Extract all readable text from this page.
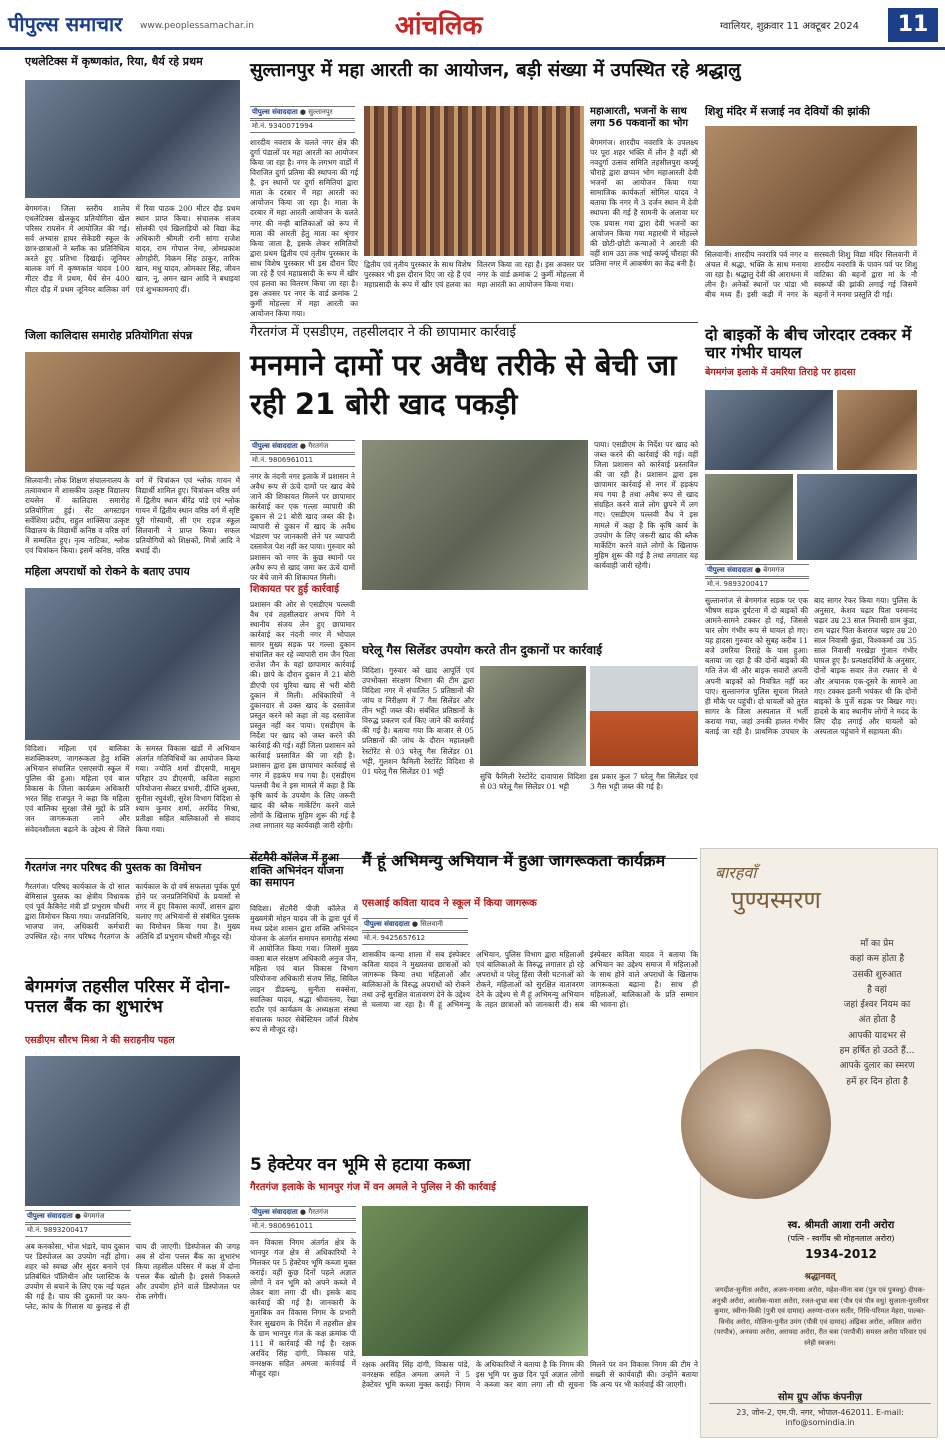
पीपुल्स समाचार www.peoplessamachar.in	आंचलिक	ग्वालियर, शुक्रवार 11 अक्टूबर 2024	11
एथलेटिक्स में कृष्णकांत, रिया, धैर्य रहे प्रथम
बेगमगंज। जिला स्तरीय शालेय एथलेटिक्स खेलकूद प्रतियोगिता खेल परिसर रायसेन में आयोजित की गई। सर्व अभ्यास हायर सेकेंडरी स्कूल के छात्र-छात्राओं ने ब्लॉक का प्रतिनिधित्व करते हुए प्रतिभा दिखाई। जूनियर बालक वर्ग में कृष्णकांत यादव 100 मीटर दौड़ में प्रथम, धैर्य सेन 400 मीटर दौड़ में प्रथम जूनियर बालिका वर्ग में रिया पाठक 200 मीटर दौड़ प्रथम स्थान प्राप्त किया। संचालक संजय सोलंकी एवं खिलाड़ियों को विद्या केंद्र अधिकारी श्रीमती रानी सांगा राजेश यादव, राम गोपाल नेमा, ओमप्रकाश ओगहोरी, विक्रम सिंह ठाकुर, तारिक खान, मधु यादव, ओमकार सिंह, जीवन खान, नू, अमन खान आदि ने बधाइयां एवं शुभकामनाएं दीं।
सुल्तानपुर में महा आरती का आयोजन, बड़ी संख्या में उपस्थित रहे श्रद्धालु
पीपुल्स संवाददाता ● सुल्तानपुर
मो.नं. 9340071994
शारदीय नवरात्र के चलते नगर क्षेत्र की दुर्गा पंडालों पर महा आरती का आयोजन किया जा रहा है। नगर के लगभग वार्डों में विराजित दुर्गा प्रतिमा की स्थापना की गई है, इन स्थानों पर दुर्गा समितियां द्वारा माता के दरबार में महा आरती का आयोजन किया जा रहा है। माता के दरबार में महा आरती आयोजन के चलते नगर की नन्ही बालिकाओं को रूप में माता की आरती हेतु माता का श्रृंगार किया जाता है, इसके लेकर समितियों द्वारा प्रथम द्वितीय एवं तृतीय पुरस्कार के साथ विशेष पुरस्कार भी इस दौरान दिए जा रहे हैं एवं महाप्रसादी के रूप में खीर एवं हलवा का वितरण किया जा रहा है। इस अवसर पर नगर के वार्ड क्रमांक 2 कुर्मी मोहल्ला में महा आरती का आयोजन किया गया।
द्वितीय एवं तृतीय पुरस्कार के साथ विशेष पुरस्कार भी इस दौरान दिए जा रहे हैं एवं महाप्रसादी के रूप में खीर एवं हलवा का वितरण किया जा रहा है। इस अवसर पर नगर के वार्ड क्रमांक 2 कुर्मी मोहल्ला में महा आरती का आयोजन किया गया।
महाआरती, भजनों के साथ लगा 56 पकवानों का भोग
बेगमगंज। शारदीय नवरात्रि के उपलक्ष्य पर पूरा शहर भक्ति में लीन है वहीं श्री नवदुर्गा उत्सव समिति तहसीलपुरा कर्फ्यू चौराहे द्वारा छप्पन भोग महाआरती देवी भजनों का आयोजन किया गया सामाजिक कार्यकर्ता सोमिल यादव ने बताया कि नगर में 3 दर्जन स्थान में देवी स्थापना की गई है सामनी के अलावा घर एक प्रयास गया द्वारा देवी भजनों का आयोजन किया गया महारथी में मोहल्ले की छोटी-छोटी कन्याओं ने आरती की वहीं शाम उठा तक भाई कर्फ्यू चौराहा की प्रतिमा नगर में आकर्षण का केंद्र बनी है।
शिशु मंदिर में सजाई नव देवियों की झांकी
सिलवानी। शारदीय नवरात्रि पर्व नगर व अंचल में श्रद्धा, भक्ति के साथ मनाया जा रहा है। श्रद्धालु देवी की आराधना में लीन है। अनेकों स्थानों पर पांडा भी बीच मध्य हैं। इसी कड़ी में नगर के सरस्वती शिशु विद्या मंदिर सिलवानी में शारदीय नवरात्रि के पावन पर्व पर शिशु वाटिका की बहनों द्वारा मां के नौ स्वरूपों की झांकी लगाई गई जिसमें बहनों ने मनमा प्रस्तुति दी गई।
जिला कालिदास समारोह प्रतियोगिता संपन्न
सिलवानी। लोक शिक्षण संचालनालय के तत्वावधान में शासकीय उत्कृष्ट विद्यालय रायसेन में कालिदास समारोह प्रतियोगिता हुई। सेंट अगस्टाइन सर्वेशिया प्रदीप, राहुल शाक्सिया उत्कृष्ट विद्यालय के विद्यार्थी कनिष्ठ व वरिष्ठ वर्ग में सम्मलित हुए। नृत्य नाटिका, श्लोक एवं चित्रांकन किया। इसमें कनिष्ठ, वरिष्ठ वर्ग में चित्रांकन एवं श्लोक गायन में विद्यार्थी शामिल हुए। चित्रांकन वरिष्ठ वर्ग में द्वितीय स्थान बीरेंद्र पांडे एवं श्लोक गायन में द्वितीय स्थान वरिष्ठ वर्ग में सृष्टि पूरी गोस्वामी, सी एम राइज स्कूल सिलवानी ने प्राप्त किया। सफल प्रतियोगियों को शिक्षकों, मित्रों आदि ने बधाई दी।
गैरतगंज में एसडीएम, तहसीलदार ने की छापामार कार्रवाई
मनमाने दामों पर अवैध तरीके से बेची जा रही 21 बोरी खाद पकड़ी
पीपुल्स संवाददाता ● गैरतगंज
मो.नं. 9806961011
नगर के नंदनी नगर इलाके में प्रशासन ने अवैध रूप से ऊंचे दामों पर खाद बेचे जाने की शिकायत मिलने पर छापामार कार्रवाई कर एक गल्ला व्यापारी की दुकान से 21 बोरी खाद जब्त की है। व्यापारी से दुकान में खाद के अवैध भंडारण पर जानकारी लेने पर व्यापारी दस्तावेज पेश नहीं कर पाया। गुरुवार को प्रशासन को नगर के कुछ स्थानों पर अवैध रूप से खाद जमा कर ऊंचे दामों पर बेचे जाने की शिकायत मिली।
शिकायत पर हुई कार्रवाई
प्रशासन की ओर से एसडीएम पल्लवी वैध एवं तहसीलदार अभय पिंगे ने स्थानीय संजय लेन हुए छापामार कार्रवाई कर नंदनी नगर में भोपाल सागर मुख्य सड़क पर गल्ला दुकान संचालित कर रहे व्यापारी राम जैन पिता राजेश जैन के यहां छापामार कार्रवाई की। छापे के दौरान दुकान में 21 बोरी डीएपी एवं यूरिया खाद से भरी बोरी दुकान में मिली। अधिकारियों ने दुकानदार से उक्त खाद के दस्तावेज प्रस्तुत करने को कहा तो वह दस्तावेज प्रस्तुत नहीं कर पाया। एसडीएम के निर्देश पर खाद को जब्त करने की कार्रवाई की गई। वहीं जिला प्रशासन को कार्रवाई प्रस्तावित की जा रही है। प्रशासन द्वारा इस छापामार कार्रवाई से नगर में हड़कंप मच गया है। एसडीएम पल्लवी वैध ने इस मामले में कहा है कि कृषि कार्य के उपयोग के लिए जरूरी खाद की ब्लैक मार्केटिंग करने वाले लोगों के खिलाफ मुहिम शुरू की गई है तथा लगातार यह कार्यवाही जारी रहेगी।
पाया। एसडीएम के निर्देश पर खाद को जब्त करने की कार्रवाई की गई। वहीं जिला प्रशासन को कार्रवाई प्रस्तावित की जा रही है। प्रशासन द्वारा इस छापामार कार्रवाई से नगर में हड़कंप मच गया है तथा अवैध रूप से खाद संग्रहित करने वाले लोग छुपने में लग गए। एसडीएम पल्लवी वैध ने इस मामले में कहा है कि कृषि कार्य के उपयोग के लिए जरूरी खाद की ब्लैक मार्केटिंग करने वाले लोगों के खिलाफ मुहिम शुरू की गई है तथा लगातार यह कार्यवाही जारी रहेगी।
दो बाइकों के बीच जोरदार टक्कर में चार गंभीर घायल
बेगमगंज इलाके में उमरिया तिराहे पर हादसा
पीपुल्स संवाददाता ● बेगमगंज
मो.नं. 9893200417
सुल्तानगंज से बेगमगंज सड़क पर एक भीषण सड़क दुर्घटना में दो बाइकों की आमने-सामने टक्कर हो गई, जिससे चार लोग गंभीर रूप से घायल हो गए। यह हादसा गुरुवार को सुबह करीब 11 बजे उमरिया तिराहे के पास हुआ। बताया जा रहा है की दोनों बाइकों की गति तेज थी और बाइक सवारों अपनी अपनी बाइकों को नियंत्रित नहीं कर पाए। सुल्तानगंज पुलिस सूचना मिलते ही मौके पर पहुंची। दो घायलों को तुरंत सागर के जिला अस्पताल में भर्ती कराया गया, जहां उनकी हालत गंभीर बताई जा रही है। प्राथमिक उपचार के बाद सागर रेफर किया गया। पुलिस के अनुसार, केशव चढ़ार पिता परमानंद चढ़ार उम्र 23 साल निवासी ग्राम कुंडा, राम चढ़ार पिता केशराज चढ़ार उम्र 20 साल निवासी कुंडा, विश्वकर्मा उम्र 35 साल निवासी मरखेड़ा गुंजान गंभीर घायल हुए हैं। प्रत्यक्षदर्शियों के अनुसार, दोनों बाइक सवार तेज रफ्तार से थे और अचानक एक-दूसरे के सामने आ गए। टक्कर इतनी भयंकर थी कि दोनों बाइकों के पुर्जे सड़क पर बिखर गए। हादसे के बाद स्थानीय लोगों ने मदद के लिए दौड़ लगाई और घायलों को अस्पताल पहुंचाने में सहायता की।
महिला अपराधों को रोकने के बताए उपाय
विदिशा। महिला एवं बालिका सशक्तिकरण, जागरूकता हेतु शक्ति अभियान संचालित एसएसपी स्कूल में पुलिस की हुआ। महिला एवं बाल विकास के जिला कार्यक्रम अधिकारी भरत सिंह राजपूत ने कहा कि महिला एवं बालिका सुरक्षा जैसे मुद्दों के प्रति जन जागरूकता लाने और संवेदनशीलता बढ़ाने के उद्देश्य से जिले के समस्त विकास खंडों में अभियान अंतर्गत गतिविधियों का आयोजन किया गया। ज्योति शर्मा डीएसपी, मासूम परिहार उप डीएसपी, कविता सहारा परियोजना सेक्टर प्रभारी, दीप्ति शुक्ला, सुनीता रघुवंशी, सुरेश विभाग विदिशा से श्याम कुमार शर्मा, अरविंद मिश्रा, प्रतीक्षा सहित बालिकाओं से संवाद किया गया।
घरेलू गैस सिलेंडर उपयोग करते तीन दुकानों पर कार्रवाई
विदिशा। गुरुवार को खाद आपूर्ति एवं उपभोक्ता संरक्षण विभाग की टीम द्वारा विदिशा नगर में संचालित 5 प्रतिष्ठानों की जांच व निरीक्षण में 7 गैस सिलेंडर और तीन भट्टी जब्त की। संबंधित प्रतिष्ठानों के विरुद्ध प्रकरण दर्ज किए जाने की कार्रवाई की गई है। बताया गया कि बाजार से 05 प्रतिष्ठानों की जांच के दौरान महालक्ष्मी रेस्टोरेंट से 03 घरेलू गैस सिलेंडर 01 भट्टी, गुलशन फैमिली रेस्टोरेंट विदिशा से 01 घरेलू गैस सिलेंडर 01 भट्टी
सुचि फैमिली रेस्टोरेंट दावापास विदिशा से 03 घरेलू गैस सिलेंडर 01 भट्टी
इस प्रकार कुल 7 घरेलू गैस सिलेंडर एवं 3 गैस भट्टी जब्त की गई है।
गैरतगंज नगर परिषद की पुस्तक का विमोचन
गैरतगंज। परिषद कार्यकाल के दो साल बेमिसाल पुस्तक का क्षेत्रीय विधायक एवं पूर्व कैबिनेट मंत्री डॉ प्रभुराम चौधरी द्वारा विमोचन किया गया। जनप्रतिनिधि, भाजपा जन, अधिकारी कर्मचारी उपस्थित रहे। नगर परिषद गैरतगंज के कार्यकाल के दो वर्ष सफलता पूर्वक पूर्ण होने पर जनप्रतिनिधियों के प्रयासों से नगर में हुए विकास कार्यों, शासन द्वारा चलाए गए अभियानों से संबंधित पुस्तक का विमोचन किया गया है। मुख्य अतिथि डॉ प्रभुराम चौधरी मौजूद रहे।
सेंटमैरी कॉलेज में हुआ शक्ति अभिनंदन योजना का समापन
विदिशा। सेंटमैरी पीजी कॉलेज में मुख्यमंत्री मोहन यादव जी के द्वारा पूर्व में मध्य प्रदेश शासन द्वारा शक्ति अभिनंदन योजना के अंतर्गत समापन समारोह संस्था में आयोजित किया गया। जिसमें मुख्य वक्ता बाल संरक्षण अधिकारी अनुज जैन, महिला एवं बाल विकास विभाग परियोजना अधिकारी संजय सिंह, सिविल लाइन डीडब्ल्यू, सुनीता सक्सेना, स्वातिका यादव, श्रद्धा श्रीवास्तव, रेखा राठौर एवं कार्यक्रम के अध्यक्षता संस्था संचालक फादर सेबेस्टियन जॉर्ज विशेष रूप से मौजूद रहे।
मैं हूं अभिमन्यु अभियान में हुआ जागरूकता कार्यक्रम
एसआई कविता यादव ने स्कूल में किया जागरूक
पीपुल्स संवाददाता ● सिलवानी
मो.नं. 9425657612
शासकीय कन्या शाला में सब इंस्पेक्टर कविता यादव ने मुख्यतया छात्राओं को जागरूक किया तथा महिलाओं और बालिकाओं के विरुद्ध अपराधों को रोकने तथा उन्हें सुरक्षित वातावरण देने के उद्देश्य से चलाया जा रहा है। मैं हूं अभिमन्यु अभियान, पुलिस विभाग द्वारा महिलाओं एवं बालिकाओं के विरुद्ध लगातार हो रहे अपराधों व परेलू हिंसा जैसी घटनाओं को रोकने, महिलाओं को सुरक्षित वातावरण देने के उद्देश्य से मैं हूं अभिमन्यु अभियान के तहत छात्राओं को जानकारी दी। सब इंस्पेक्टर कविता यादव ने बताया कि अभियान का उद्देश्य समाज में महिलाओं के साथ होने वाले अपराधों के खिलाफ जागरूकता बढ़ाना है। साथ ही महिलाओं, बालिकाओं के प्रति सम्मान की भावना हो।
बेगमगंज तहसील परिसर में दोना-पत्तल बैंक का शुभारंभ
एसडीएम सौरभ मिश्रा ने की सराहनीय पहल
पीपुल्स संवाददाता ● बेगमगंज
मो.नं. 9893200417
अब कनकोसा, भोज भंडारे, चाय दुकान पर डिस्पोजल का उपयोग नहीं होगा। शहर को स्वच्छ और सुंदर बनाने एवं प्रतिबंधित पॉलिथीन और प्लास्टिक के उपयोग से बचाने के लिए एक नई पहल की गई है। चाय की दुकानों पर कप-प्लेट, कांच के गिलास या कुल्हड़ से ही चाय दी जाएगी। डिस्पोजल की जगह अब से दोना पत्तल बैंक का शुभारंभ किया तहसील परिसर में कक्ष में दोना पत्तल बैंक खोली है। इससे निकलते और उपयोग होने वाले डिस्पोजल पर रोक लगेगी।
5 हेक्टेयर वन भूमि से हटाया कब्जा
गैरतगंज इलाके के भानपुर गंज में वन अमले ने पुलिस ने की कार्रवाई
पीपुल्स संवाददाता ● गैरतगंज
मो.नं. 9806961011
वन विकास निगम अंतर्गत क्षेत्र के भानपुर गंज क्षेत्र से अधिकारियों ने मिलकर पर 5 हेक्टेयर भूमि कब्जा मुक्त कराई। वहीं कुछ दिनों पहले अज्ञात लोगों ने वन भूमि को अपने कब्जे में लेकर बाग़ लगा दी थी। इसके बाद कार्रवाई की गई है। जानकारी के मुताबिक वन विकास निगम के प्रभारी रेंजर सुखराम के निर्देश में तहसील क्षेत्र के ग्राम भानपुर गंज के कक्ष क्रमांक पी 111 में कार्रवाई की गई है। रक्षक अरविंद सिंह दांगी, विकास पांडे, वनरक्षक सहित अमला कार्रवाई में मौजूद रहा।
रक्षक अरविंद सिंह दांगी, विकास पांडे, वनरक्षक सहित अमला अमले ने 5 हेक्टेयर भूमि कब्जा मुक्त कराई। निगम के अधिकारियों ने बताया है कि निगम की इस भूमि पर कुछ दिन पूर्व अज्ञात लोगों ने कब्जा कर बाग़ लगा ली थी सूचना मिलने पर वन विकास निगम की टीम ने सख्ती से कार्यवाही की। उन्होंने बताया कि अन्य पर भी कार्रवाई की जाएगी।
बारहवाँ
पुण्यस्मरण
माँ का प्रेम
कहां कम होता है
उसकी शुरुआत
है वहां
जहां ईश्वर नियम का
अंत होता है
आपकी यादभर से
हम हर्षित हो उठते हैं...
आपके दुलार का स्मरण
हमें हर दिन होता है
स्व. श्रीमती आशा रानी अरोरा
(पत्नि - स्वर्गीय श्री मोहनलाल अरोरा)
1934-2012
श्रद्धानवत्
जगदीश-सुनीता अरोरा, अजय-मनासा अरोरा, महेश-मीना बत्रा (पुत्र एवं पुत्रवधु) दीपक-अनुश्री अरोरा, आलोक-याशा अरोरा, रजत-शुभ्रा बत्रा (पौत्र एवं पौत्र वधु) सुजाता-मुरलीधर कुमार, स्वीना-विकी (पुत्री एवं दामाद) अरुणा-राजन सतीर, निधि-परिमल मेहरा, पाल्का-विनोद अरोरा, मोलिना-पुनीत उमंग (पौत्री एवं दामाद) अंद्रिका अरोरा, अविरत अरोरा (परपौत्र), अनवया अरोरा, अरायदा अरोरा, रीत बत्रा (परपौत्री) समस्त अरोरा परिवार एवं स्नेही स्वजन।
सोम ग्रुप ऑफ कंपनीज़
23, जोन-2, एम.पी. नगर, भोपाल-462011. E-mail: info@somindia.in
